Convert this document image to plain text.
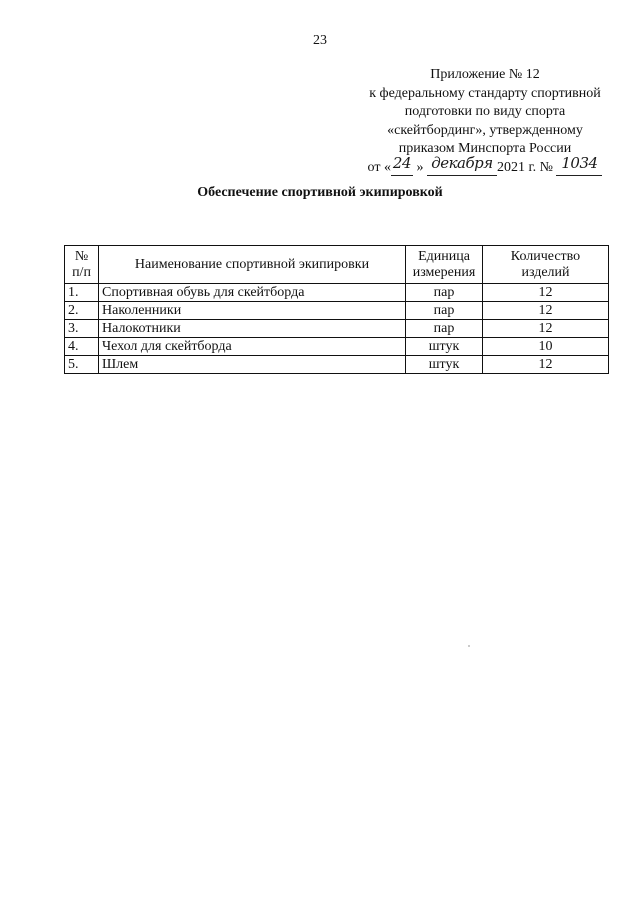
23
Приложение № 12
к федеральному стандарту спортивной
подготовки по виду спорта
«скейтбординг», утвержденному
приказом Минспорта России
от « 24 » декабря 2021 г. № 1034
Обеспечение спортивной экипировкой
№ п/п	Наименование спортивной экипировки	Единица измерения	Количество изделий
1.	Спортивная обувь для скейтборда	пар	12
2.	Наколенники	пар	12
3.	Налокотники	пар	12
4.	Чехол для скейтборда	штук	10
5.	Шлем	штук	12
